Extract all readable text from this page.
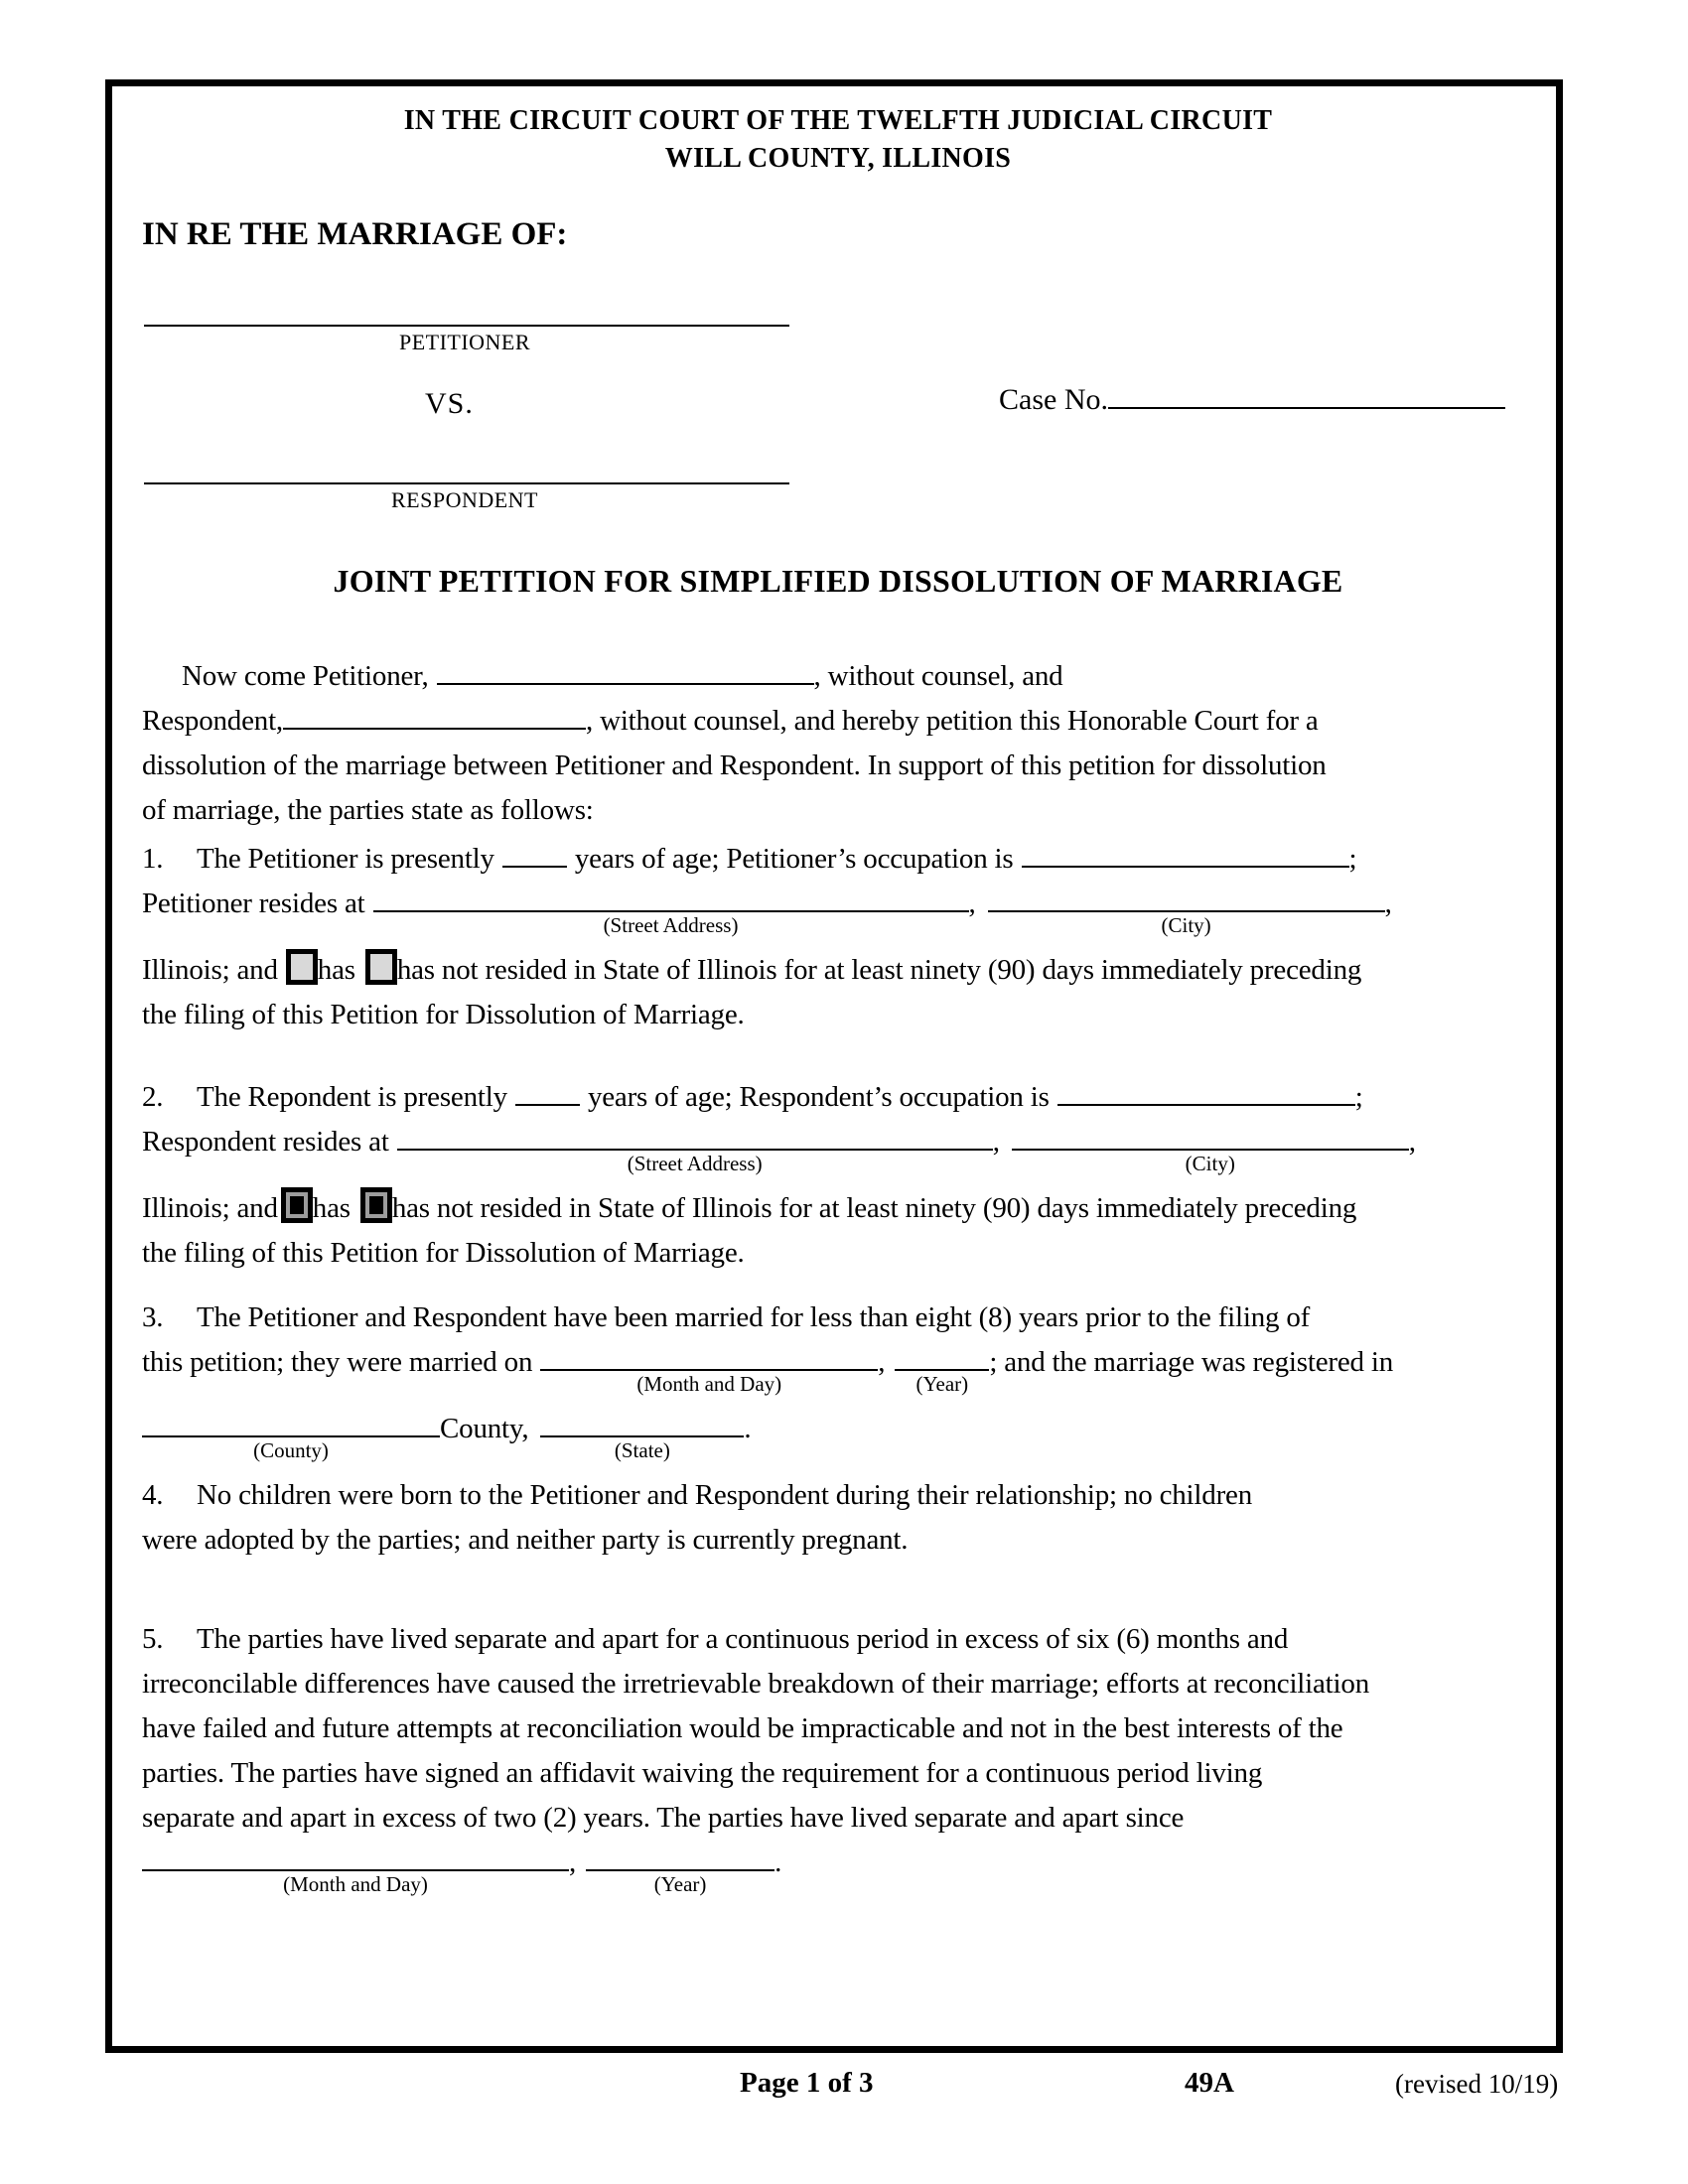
IN THE CIRCUIT COURT OF THE TWELFTH JUDICIAL CIRCUIT
WILL COUNTY, ILLINOIS
IN RE THE MARRIAGE OF:
PETITIONER
VS.	Case No.
RESPONDENT
JOINT PETITION FOR SIMPLIFIED DISSOLUTION OF MARRIAGE
Now come Petitioner,	, without counsel, and
Respondent,	, without counsel, and hereby petition this Honorable Court for a
dissolution of the marriage between Petitioner and Respondent. In support of this petition for dissolution
of marriage, the parties state as follows:
1. The Petitioner is presently	years of age; Petitioner’s occupation is	;
Petitioner resides at
(Street Address)
,
(City)
,
Illinois; and has has not resided in State of Illinois for at least ninety (90) days immediately preceding
the filing of this Petition for Dissolution of Marriage.
2. The Repondent is presently	years of age; Respondent’s occupation is	;
Respondent resides at
(Street Address)
,
(City)
,
Illinois; and has has not resided in State of Illinois for at least ninety (90) days immediately preceding
the filing of this Petition for Dissolution of Marriage.
3. The Petitioner and Respondent have been married for less than eight (8) years prior to the filing of
this petition; they were married on
(Month and Day)
,
(Year)
; and the marriage was registered in
(County)
County,
(State)
.
4. No children were born to the Petitioner and Respondent during their relationship; no children
were adopted by the parties; and neither party is currently pregnant.
5. The parties have lived separate and apart for a continuous period in excess of six (6) months and
irreconcilable differences have caused the irretrievable breakdown of their marriage; efforts at reconciliation
have failed and future attempts at reconciliation would be impracticable and not in the best interests of the
parties. The parties have signed an affidavit waiving the requirement for a continuous period living
separate and apart in excess of two (2) years. The parties have lived separate and apart since
(Month and Day)
,
(Year)
.
Page 1 of 3	49A	(revised 10/19)
